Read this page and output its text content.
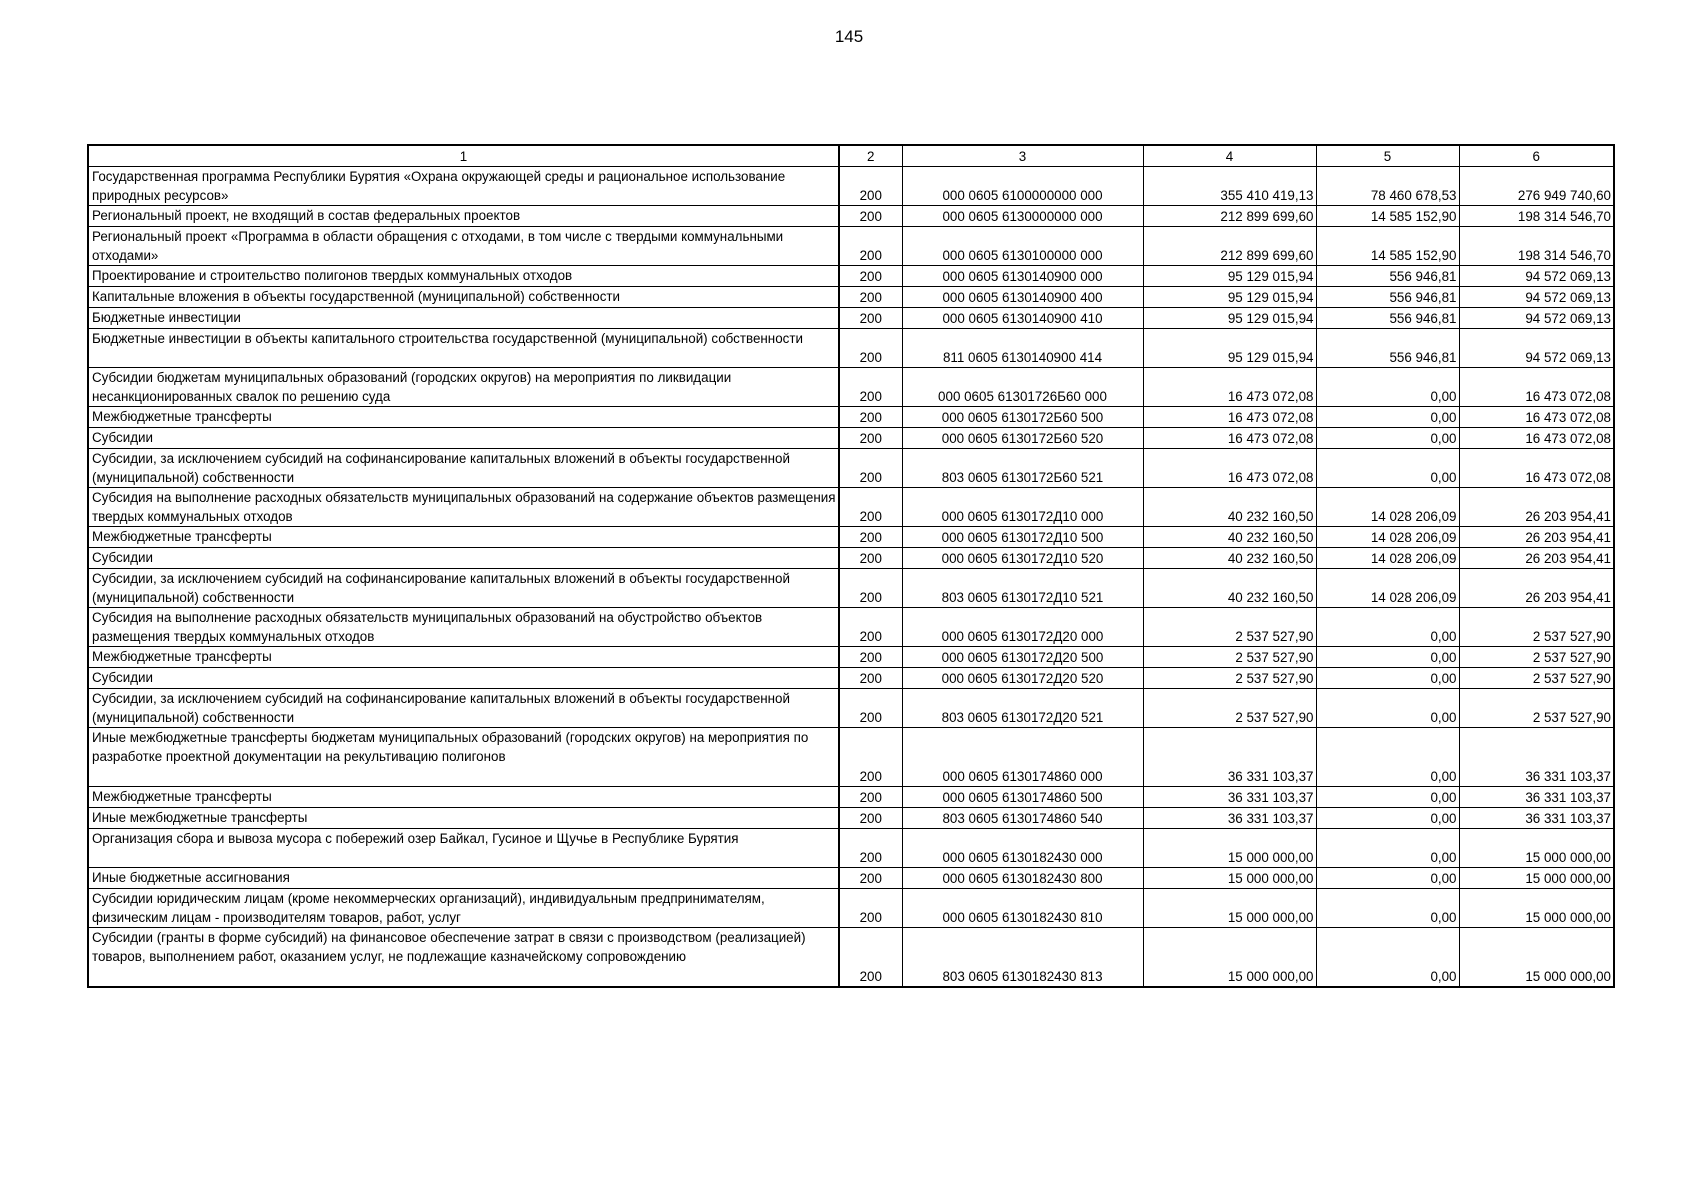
145
1	2	3	4	5	6
Государственная программа Республики Бурятия «Охрана окружающей среды и рациональное использование природных ресурсов»	200	000 0605 6100000000 000	355 410 419,13	78 460 678,53	276 949 740,60
Региональный проект, не входящий в состав федеральных проектов	200	000 0605 6130000000 000	212 899 699,60	14 585 152,90	198 314 546,70
Региональный проект «Программа в области обращения с отходами, в том числе с твердыми коммунальными отходами»	200	000 0605 6130100000 000	212 899 699,60	14 585 152,90	198 314 546,70
Проектирование и строительство полигонов твердых коммунальных отходов	200	000 0605 6130140900 000	95 129 015,94	556 946,81	94 572 069,13
Капитальные вложения в объекты государственной (муниципальной) собственности	200	000 0605 6130140900 400	95 129 015,94	556 946,81	94 572 069,13
Бюджетные инвестиции	200	000 0605 6130140900 410	95 129 015,94	556 946,81	94 572 069,13
Бюджетные инвестиции в объекты капитального строительства государственной (муниципальной) собственности	200	811 0605 6130140900 414	95 129 015,94	556 946,81	94 572 069,13
Субсидии бюджетам муниципальных образований (городских округов) на мероприятия по ликвидации несанкционированных свалок по решению суда	200	000 0605 61301726Б60 000	16 473 072,08	0,00	16 473 072,08
Межбюджетные трансферты	200	000 0605 6130172Б60 500	16 473 072,08	0,00	16 473 072,08
Субсидии	200	000 0605 6130172Б60 520	16 473 072,08	0,00	16 473 072,08
Субсидии, за исключением субсидий на софинансирование капитальных вложений в объекты государственной (муниципальной) собственности	200	803 0605 6130172Б60 521	16 473 072,08	0,00	16 473 072,08
Субсидия на выполнение расходных обязательств муниципальных образований на содержание объектов размещения твердых коммунальных отходов	200	000 0605 6130172Д10 000	40 232 160,50	14 028 206,09	26 203 954,41
Межбюджетные трансферты	200	000 0605 6130172Д10 500	40 232 160,50	14 028 206,09	26 203 954,41
Субсидии	200	000 0605 6130172Д10 520	40 232 160,50	14 028 206,09	26 203 954,41
Субсидии, за исключением субсидий на софинансирование капитальных вложений в объекты государственной (муниципальной) собственности	200	803 0605 6130172Д10 521	40 232 160,50	14 028 206,09	26 203 954,41
Субсидия на выполнение расходных обязательств муниципальных образований на обустройство объектов размещения твердых коммунальных отходов	200	000 0605 6130172Д20 000	2 537 527,90	0,00	2 537 527,90
Межбюджетные трансферты	200	000 0605 6130172Д20 500	2 537 527,90	0,00	2 537 527,90
Субсидии	200	000 0605 6130172Д20 520	2 537 527,90	0,00	2 537 527,90
Субсидии, за исключением субсидий на софинансирование капитальных вложений в объекты государственной (муниципальной) собственности	200	803 0605 6130172Д20 521	2 537 527,90	0,00	2 537 527,90
Иные межбюджетные трансферты бюджетам муниципальных образований (городских округов) на мероприятия по разработке проектной документации на рекультивацию полигонов	200	000 0605 6130174860 000	36 331 103,37	0,00	36 331 103,37
Межбюджетные трансферты	200	000 0605 6130174860 500	36 331 103,37	0,00	36 331 103,37
Иные межбюджетные трансферты	200	803 0605 6130174860 540	36 331 103,37	0,00	36 331 103,37
Организация сбора и вывоза мусора с побережий озер Байкал, Гусиное и Щучье в Республике Бурятия	200	000 0605 6130182430 000	15 000 000,00	0,00	15 000 000,00
Иные бюджетные ассигнования	200	000 0605 6130182430 800	15 000 000,00	0,00	15 000 000,00
Субсидии юридическим лицам (кроме некоммерческих организаций), индивидуальным предпринимателям, физическим лицам - производителям товаров, работ, услуг	200	000 0605 6130182430 810	15 000 000,00	0,00	15 000 000,00
Субсидии (гранты в форме субсидий) на финансовое обеспечение затрат в связи с производством (реализацией) товаров, выполнением работ, оказанием услуг, не подлежащие казначейскому сопровождению	200	803 0605 6130182430 813	15 000 000,00	0,00	15 000 000,00
